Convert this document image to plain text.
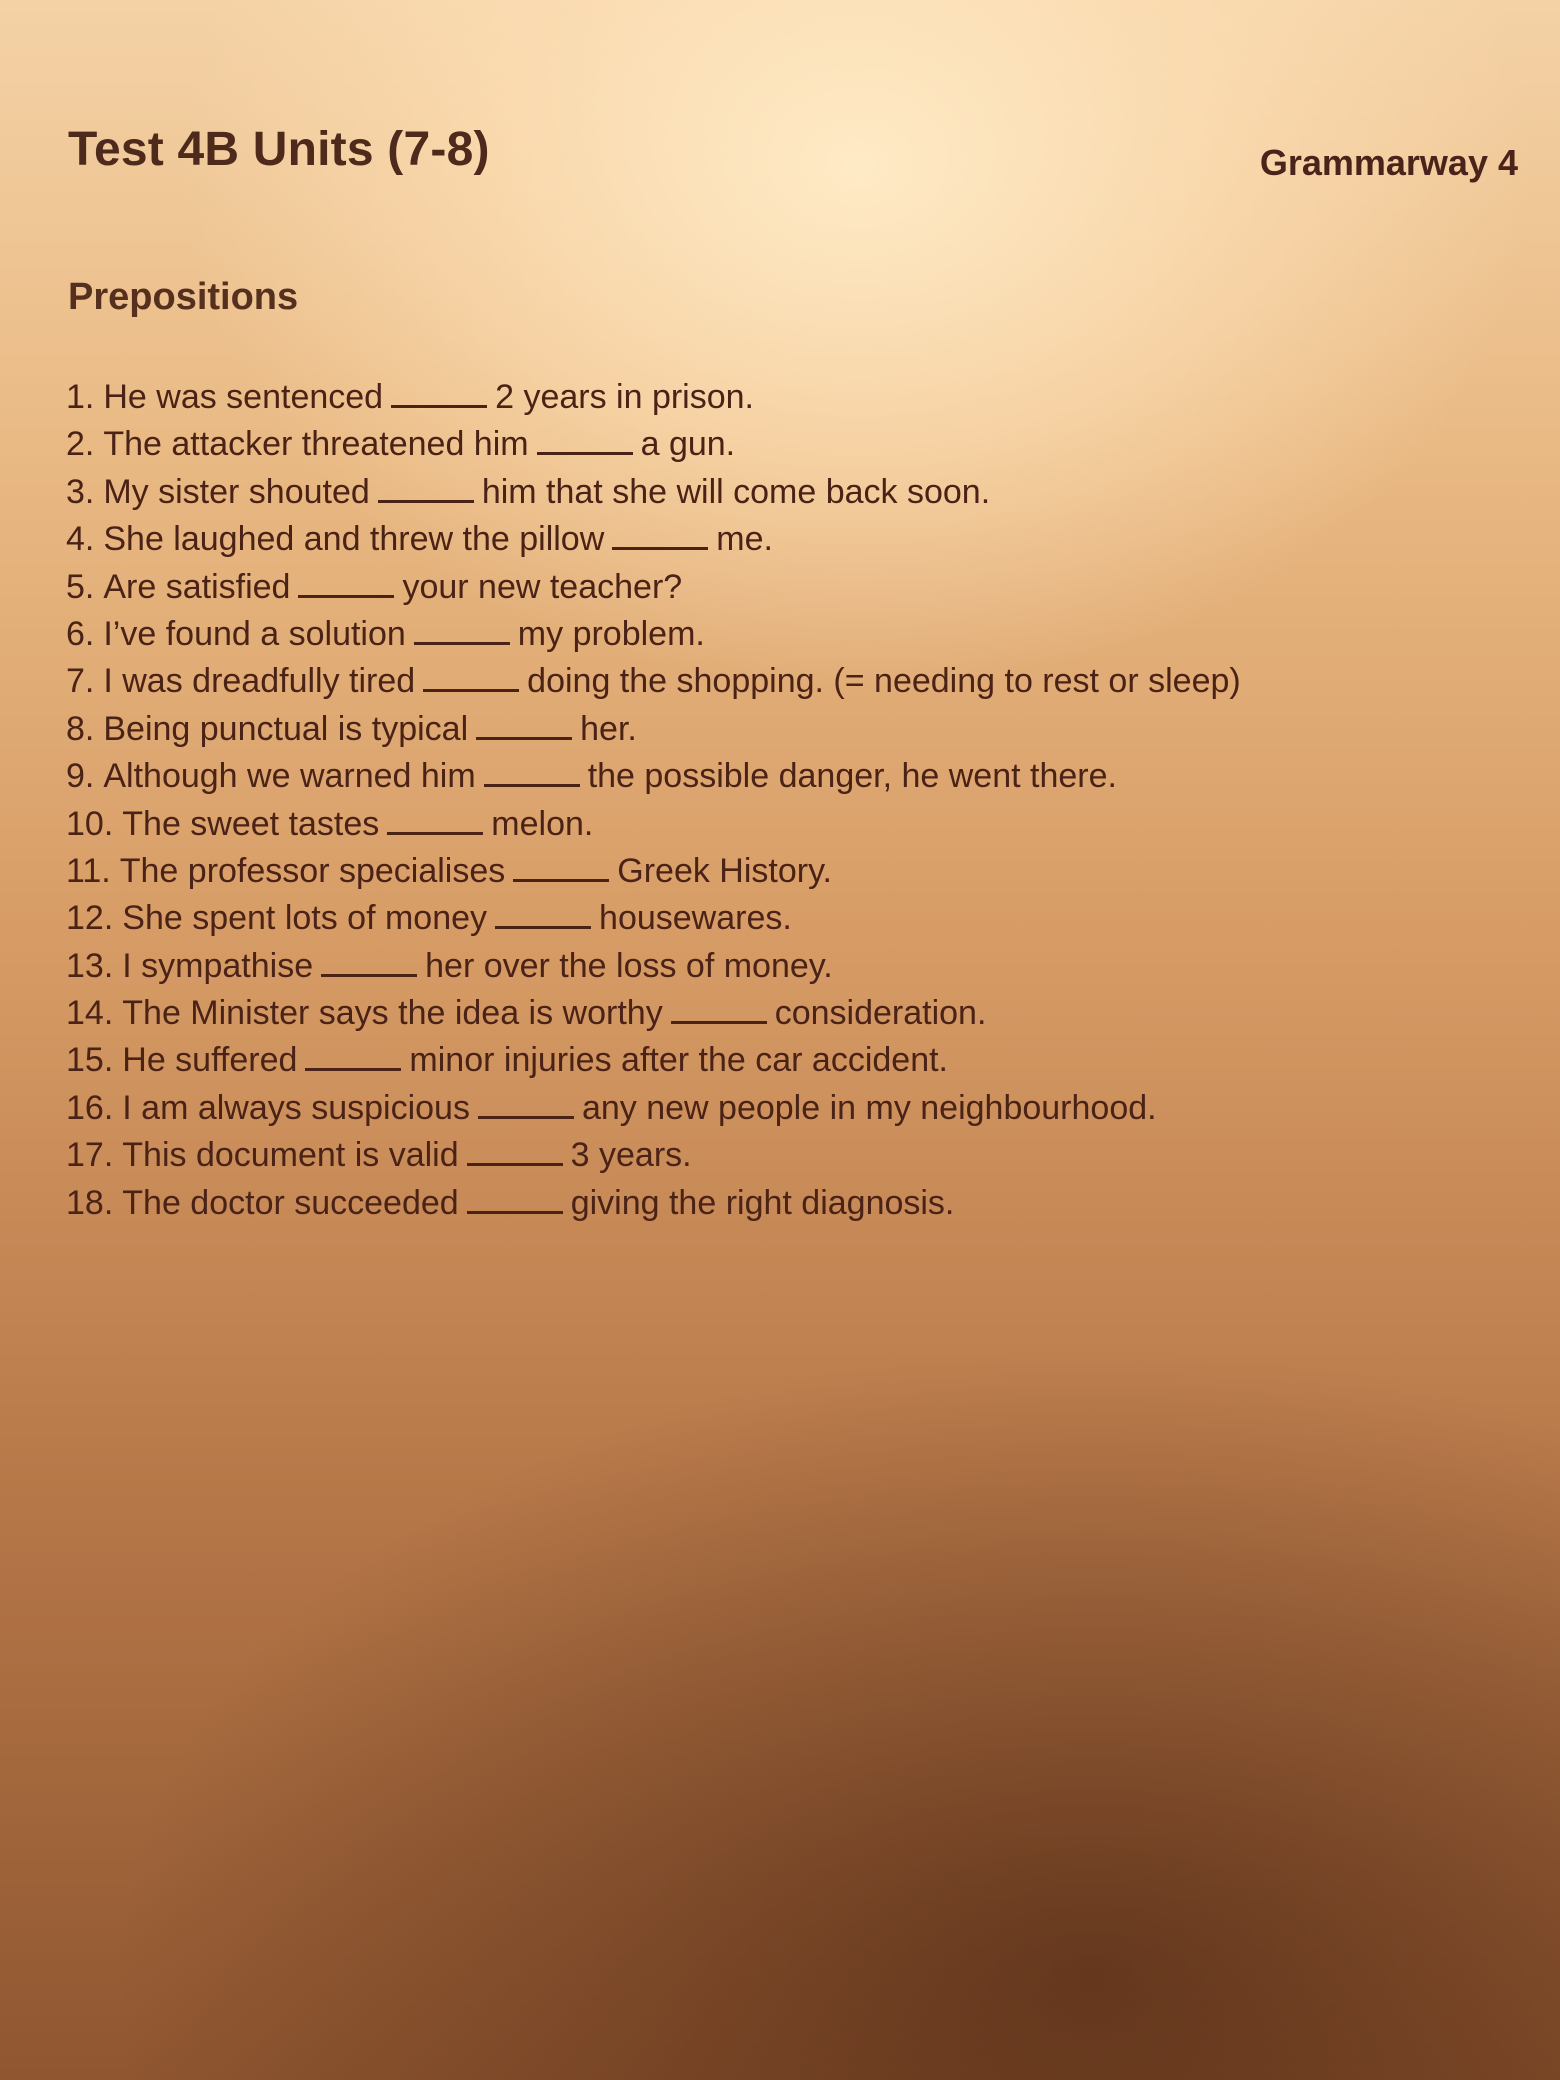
Test 4B Units (7-8)	Grammarway 4
Prepositions
1. He was sentenced	2 years in prison.
2. The attacker threatened him	a gun.
3. My sister shouted	him that she will come back soon.
4. She laughed and threw the pillow	me.
5. Are satisfied	your new teacher?
6. I’ve found a solution	my problem.
7. I was dreadfully tired	doing the shopping. (= needing to rest or sleep)
8. Being punctual is typical	her.
9. Although we warned him	the possible danger, he went there.
10. The sweet tastes	melon.
11. The professor specialises	Greek History.
12. She spent lots of money	housewares.
13. I sympathise	her over the loss of money.
14. The Minister says the idea is worthy	consideration.
15. He suffered	minor injuries after the car accident.
16. I am always suspicious	any new people in my neighbourhood.
17. This document is valid	3 years.
18. The doctor succeeded	giving the right diagnosis.
